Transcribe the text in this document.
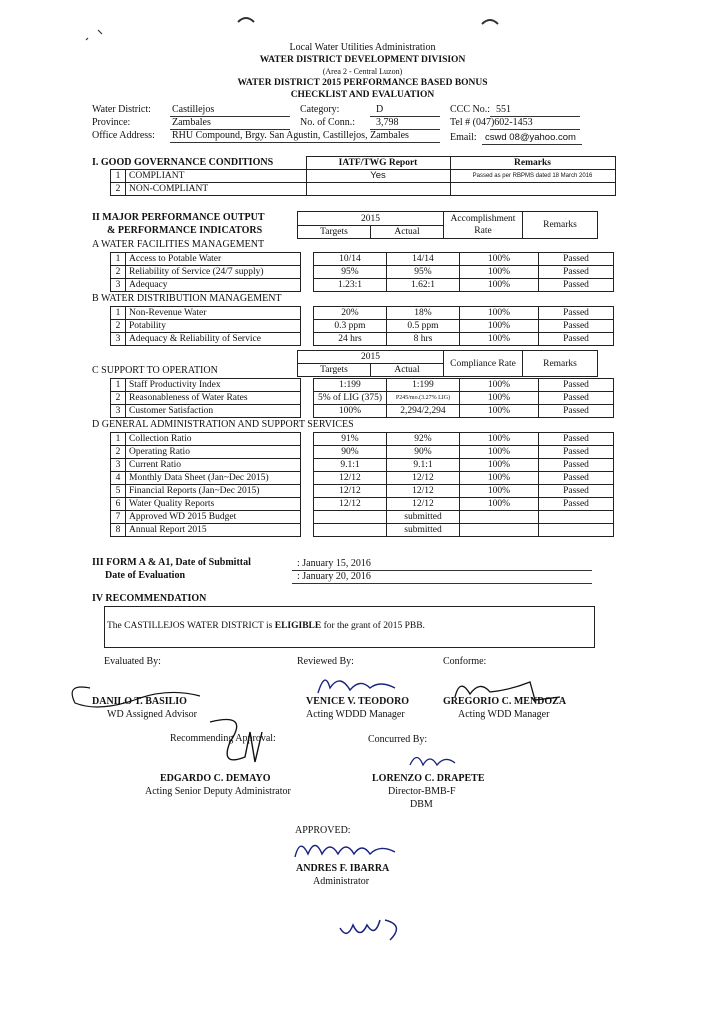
Local Water Utilities Administration
WATER DISTRICT DEVELOPMENT DIVISION
(Area 2 - Central Luzon)
WATER DISTRICT 2015 PERFORMANCE BASED BONUS
CHECKLIST AND EVALUATION
Water District: Castillejos	Category:	D	CCC No.: 551
Province:	Zambales	No. of Conn.: 3,798	Tel # (047)602-1453
Office Address: RHU Compound, Brgy. San Agustin, Castillejos, Zambales	Email: cswd 08@yahoo.com
I. GOOD GOVERNANCE CONDITIONS
			IATF/TWG Report	Remarks
1	COMPLIANT	Yes	Passed as per RBPMS dated 18 March 2016
2	NON-COMPLIANT		
II MAJOR PERFORMANCE OUTPUT
& PERFORMANCE INDICATORS
2015		Accomplishment Rate	Remarks
Targets	Actual		
A WATER FACILITIES MANAGEMENT
1	Access to Potable Water		10/14	14/14	100%	Passed
2	Reliability of Service (24/7 supply)		95%	95%	100%	Passed
3	Adequacy		1.23:1	1.62:1	100%	Passed
B WATER DISTRIBUTION MANAGEMENT
1	Non-Revenue Water		20%	18%	100%	Passed
2	Potability		0.3 ppm	0.5 ppm	100%	Passed
3	Adequacy & Reliability of Service		24 hrs	8 hrs	100%	Passed
2015		Compliance Rate	Remarks
Targets	Actual		
C SUPPORT TO OPERATION
1	Staff Productivity Index		1:199	1:199	100%	Passed
2	Reasonableness of Water Rates		5% of LIG (375)	P245/mo.(3.27% LIG)	100%	Passed
3	Customer Satisfaction		100%	2,294/2,294	100%	Passed
D GENERAL ADMINISTRATION AND SUPPORT SERVICES
1	Collection Ratio		91%	92%	100%	Passed
2	Operating Ratio		90%	90%	100%	Passed
3	Current Ratio		9.1:1	9.1:1	100%	Passed
4	Monthly Data Sheet (Jan~Dec 2015)		12/12	12/12	100%	Passed
5	Financial Reports (Jan~Dec 2015)		12/12	12/12	100%	Passed
6	Water Quality Reports		12/12	12/12	100%	Passed
7	Approved WD 2015 Budget			submitted		
8	Annual Report 2015			submitted		
III FORM A & A1, Date of Submittal	: January 15, 2016
Date of Evaluation	: January 20, 2016
IV RECOMMENDATION
The CASTILLEJOS WATER DISTRICT is ELIGIBLE for the grant of 2015 PBB.
Evaluated By:	Reviewed By:	Conforme:
DANILO T. BASILIO
WD Assigned Advisor
VENICE V. TEODORO
Acting WDDD Manager
GREGORIO C. MENDOZA
Acting WDD Manager
Recommending Approval:	Concurred By:
EDGARDO C. DEMAYO
Acting Senior Deputy Administrator
LORENZO C. DRAPETE
Director-BMB-F
DBM
APPROVED:
ANDRES F. IBARRA
Administrator
